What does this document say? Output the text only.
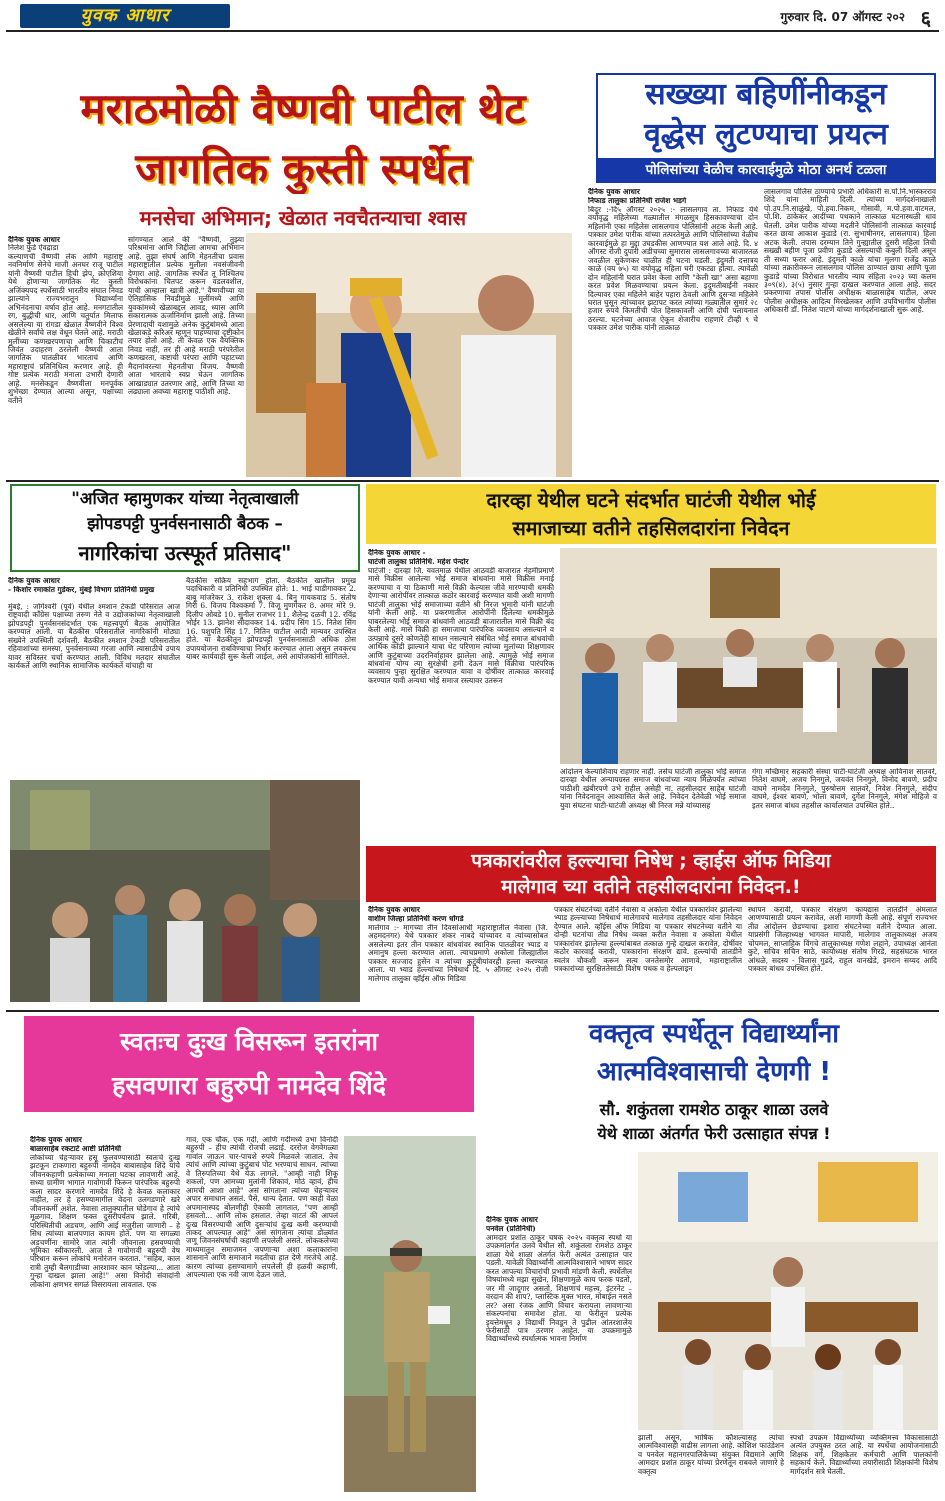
युवक आधार	गुरुवार दि. 07 ऑगस्ट २०२ ६
मराठमोळी वैष्णवी पाटील थेट
जागतिक कुस्ती स्पर्धेत
मनसेचा अभिमान; खेळात नवचैतन्याचा श्वास
दैनिक युवक आधार
निलेश फुंडे ऐवद्राडा
कल्याणची वैष्णवी लेक आणि महाराष्ट्र नवनिर्माण सेनेचे माजी अनघर राजू पाटील यांनी वैष्णवी पाटील हिची झेप, क्रोएशिया येथे होणाऱ्या जागतिक मेट कुस्ती अजिंक्यपद स्पर्धेसाठी भारतीय संघात निवड झाल्याने राज्यभरातून विद्यार्थ्यांना अभिनंदनाचा वर्षाव होत आहे. मनगटातील रग, बुद्धीची धार, आणि चतुर्यात मिलाफ असलेल्या या रांगडा खेळात वैष्णवीने विश्व खेळीने सर्वांचे लक्ष वेधून घेतले आहे. मराठी मुलींच्या कणखरपणाचा आणि चिकाटीचं जिवंत उदाहरण ठरलेली वैष्णवी आता जागतिक पातळीवर भारताचं आणि महाराष्ट्राचं प्रतिनिधित्व करणार आहे. ही गोष्ट प्रत्येक मराठी मनाला उभारी देणारी आहे. मनसेकडून वैष्णवीला मनपूर्वक शुभेच्छा देण्यात आल्या असून, पक्षाच्या वतीने
सांगण्यात आले की "वैष्णवी, तुझ्या परिश्रमांना आणि जिद्दीला आमचा अभिमान आहे. तुझा संघर्ष आणि मेहनतीचा प्रवास महाराष्ट्रातील प्रत्येक मुलीला नवसंजीवनी देणारा आहे. जागतिक स्पर्धेत तू निश्चितच विरोधकांना चितपट करून वडलवशील, याची आम्हाला खात्री आहे." वैष्णवीच्या या ऐतिहासिक निवडीमुळे मुलींमध्ये आणि युवकांमध्ये खेळाबद्दल आवड, ध्यास आणि सकारात्मक ऊर्जानिर्माण झाली आहे. तिच्या प्रेरणादायी यशामुळे अनेक कुटुंबांमध्ये आता खेळाकडे करिअर म्हणून पाहण्याचा दृष्टीकोन तयार होतो आहे. ती केवळ एक वैयक्तिक निवड नाही, तर ही आहे मराठी परंपरेतील कणखरता, कष्टाची परंपरा आणि पहाटच्या मैदानांवरल्या मेहनतीचा विजय. वैष्णवी आता भारताचे स्वप्न घेऊन जागतिक आखाड्यात उतरणार आहे, आणि तिच्या या लढ्याला अवघ्या महाराष्ट्र पाठीशी आहे.
सख्ख्या बहिणींनीकडून
वृद्धेस लुटण्याचा प्रयत्न
पोलिसांच्या वेळीच कारवाईमुळे मोठा अनर्थ टळला
दैनिक युवक आधार
निफाड तालुका प्रतिनिधी राजेश भडगे
बिंदूर :-दि५ ऑगस्ट २०२५ :- लासलगाव ता. निफाड येथे वयोवृद्ध महिलेच्या गळ्यातील मंगळसूत्र हिसकावण्याचा दोन महिलांनी एका महिलेस लासलगाव पोलिसांनी अटक केली आहे. पत्रकार उमेश पारीक यांच्या तत्परतेमुळे आणि पोलिसांच्या वेळीच कारवाईमुळे हा मुद्दा उघडकीस आणण्यात यश आले आहे. दि. ४ ऑगस्ट रोजी दुपारी अडीचच्या सुमारास लासलगावच्या बाजारतळ जवळील सुकेणकर चाळीत ही घटना घडली. इंदुमती दत्तात्रय काळे (वय ७५) या वयोवृद्ध महिला घरी एकट्या होत्या. त्यावेळी दोन महिलांनी घरात प्रवेश केला आणि "केली खा" असा बहाणा करत प्रवेश मिळवण्याचा प्रयत्न केला. इदुमतीबाईंनी नकार दिल्यावर एका महिलेने बाहेर पहारा ठेवली आणि दुसऱ्या महिलेने घरात घुसून त्यांच्यावर झटापट करत त्यांच्या गळ्यातील सुमारे २८ हजार रुपये किमतीची पोत हिसकावली आणि दोघी पलायनात ठरल्या. घटनेच्या आवाज ऐकून शेजारीच राहणारे टीव्ही ९ चे पत्रकार उमेश पारीक यांनी तात्काळ
लासलगाव पोलिस ठाण्याचे प्रभारी अधिकारी स.पो.नि.भास्करराव शिंदे यांना माहिती दिली. त्यांच्या मार्गदर्शनाखाली पो.उप.नि.साळुंखे, पो.हवा.निकम, गोसावी, म.पो.हवा.वाटमल, पो.शि. ठाकेकर आदींच्या पथकाने तात्काळ घटनास्थळी धाव घेतली. उमेश पारीक यांच्या मदतीने पोलिसांनी तात्काळ कारवाई करत छाया आकाश कुडाडे (रा. सुभाषीनगर, लासलगाव) हिला अटक केली. तपास दरम्यान तिने गुन्ह्यातील दुसरी महिला तिची सख्खी बहीण पूजा प्रवीण कुडाडे असल्याची कबुली दिली असून ती सध्या फरार आहे. इंदुमती काळे यांचा मुलगा राजेंद्र काळे यांच्या तक्रारीवरून लासलगाव पोलिस ठाण्यात छाया आणि पूजा कुडाडे यांच्या विरोधात भारतीय न्याय संहिता २०२३ च्या कलम ३०९(४), ३(५) नुसार गुन्हा दाखल करण्यात आला आहे. सदर प्रकरणाचा तपास पोलीस अधीक्षक बाळासाहेब पाटील, अपर पोलीस अधीक्षक आदित्य मिरखेलकर आणि उपविभागीय पोलीस अधिकारी डॉ. नितेश पाटणे यांच्या मार्गदर्शनाखाली सुरू आहे.
"अजित म्हामुणकर यांच्या नेतृत्वाखाली
झोपडपट्टी पुनर्वसनासाठी बैठक –
नागरिकांचा उत्स्फूर्त प्रतिसाद"
दैनिक युवक आधार
- किशोर रमाकांत गुडेकर, मुंबई विभाग प्रतिनिधी प्रमुख
मुंबई, : जोगेश्वरी (पूर्व) येथील श्मशान टेकडी परिसरात आज राष्ट्रवादी काँग्रेस पक्षाच्या तरुण नेते व उद्योजकांच्या नेतृत्वाखाली झोपडपट्टी पुनर्वसनसंदर्भात एक महत्त्वपूर्ण बैठक आयोजित करण्यात आली. या बैठकीस परिसरातील नागरिकांनी मोठ्या संख्येने उपस्थिती दर्शवली. बैठकीत श्मशान टेकडी परिसरातील रहिवाशांच्या समस्या, पुनर्वसनाच्या गरजा आणि त्यासाठीचे उपाय यावर सविस्तर चर्चा करण्यात आली. विविध मतदार संघातील कार्यकर्ते आणि स्थानिक सामाजिक कार्यकर्ते यांचाही या
बैठकीस सक्रिय सहभाग होता. बैठकीत खालील प्रमुख पदाधिकारी व प्रतिनिधी उपस्थित होते: 1. भाई घाडीगावकर 2. बाबू मांजरेकर 3. राकेश शुक्ला 4. बिनु गायकवाड 5. संतोष गिरी 6. विजय विश्वकर्मा 7. विजू मुणगेकर 8. अमर मोरे 9. दिलीप ओबडे 10. सुनील राजभर 11. शैलेन्द्र दळवी 12. रविंद्र भोईर 13. झानेश सीदावकर 14. प्रदीप सिंग 15. नितेश सिंग 16. पशुपति सिंह 17. नितिन पाटील आदी मान्यवर उपस्थित होते. या बैठकीतून झोपडपट्टी पुनर्वसनासाठी अधिक ठोस उपाययोजना राबविण्याचा निर्धार करण्यात आला असून लवकरच याबर कार्यवाही सुरू केली जाईल, असे आयोजकांनी सांगितले.
दारव्हा येथील घटने संदर्भात घाटंजी येथील भोई
समाजाच्या वतीने तहसिलदारांना निवेदन
दैनिक युवक आधार -
घाटंजी तालुका प्रतिनिधि. महेश पेन्दोर
घाटंजी : दारव्हा जि. यवतमाळ येथील आठवडी बाजारात नेहमीप्रमाणे मासे विक्रीस आलेल्या भोई समाज बांधवांना मासे विक्रीस मनाई करण्याचा व या ठिकाणी मासे विक्री केल्यास जीवे मारण्याची धमकी देणाऱ्या आरोपींवर तात्काळ कठोर कारवाई करण्यात यावी अशी मागणी घाटंजी तालुका भोई समाजाच्या वतीने श्री निरज भूमारी यांनी घाटंजी यांनी केली आहे. या प्रकरणातील आरोपींनी दिलेल्या धमकीमुळे घाबरलेल्या भोई समाज बांधवांनी आठवडी बाजारातील मासे विक्री बंद केली आहे. मासे विक्री हा समाजाचा पारंपरिक व्यवसाय असल्याने व उत्पन्नाचे दुसरे कोणतेही साधन नसल्याने संबंधित भोई समाज बांधवांची आर्थिक कोंडी झाल्याने याचा थेट परिणाम त्यांच्या मुलांच्या शिक्षणावर आणि कुटुंबाच्या उदरनिर्वाहावर झालेला आहे. त्यामुळे भोई समाज बांधवांना योग्य त्या सुरक्षेची हमी देऊन मासे विक्रीचा पारंपरिक व्यवसाय पुन्हा सुरक्षित करण्यात यावा व दोषींवर तात्काळ कारवाई करण्यात यावी अन्यथा भोई समाज रस्त्यावर उतरून
आंदोलन केल्याशिवाय राहणार नाही. तसेच घाटंजी तालुका भोई समाज दारव्हा येथील अन्यायग्रस्त समाज बांधवांच्या न्याय मिळेपर्यंत त्यांच्या पाठीशी खंबीरपणे उभे राहील असेही ना. तहसीलदार साहेब घाटंजी यांना निवेदनातून आश्वासित केले आहे. निवेदन देतेवेळी भोई समाज युवा संघटना घाटी-घाटंजी अध्यक्ष श्री निरज मन्ने यांच्यासह
गंगा मच्छिमार सहकारी संस्था घाटी-घाटंजी अध्यक्ष आविनाश सातवरे, नितेश वाघमे, अजय निनगुले, जयवंत निनगुले, विनोद बावणे, प्रदीप वाघमे नामदेव निनगुले, पुरुषोत्तम सातवरे, निवेश निनगुले, संदीप वाघमे, ईश्वर बावणे, भोला बावणे, दुर्गेश निनगुले, मंगेश मोहिजे व इतर समाज बांधव तहसील कार्यालयात उपस्थित होते..
पत्रकारांवरील हल्ल्याचा निषेध ; व्हाईस ऑफ मिडिया
मालेगाव च्या वतीने तहसीलदारांना निवेदन.!
दैनिक युवक आधार
वाशीम जिल्हा प्रतिनिधी करण धोंगडे
मालेगाव :- मागच्या तीन दिवसांआधी महाराष्ट्रातील नेवासा (जि. अहमदनगर) येथे पत्रकार शंकर नाबदे यांच्यावर व त्यांच्यासोबत असलेल्या इतर तीन पत्रकार बांधवांवर स्थानिक पातळीवर भ्याड व अमानुष हल्ला करण्यात आला. त्याचप्रमाणे अकोला जिल्ह्यातील पत्रकार सज्जाद हुसेन व त्यांच्या कुटुंबीयांवरही हल्ला करण्यात आला. या भ्याड हल्ल्यांच्या निषेधार्थ दि. ५ ऑगस्ट २०२५ रोजी मालेगाव तालुका व्हॉईस ऑफ मिडिया
पत्रकार संघटनेच्या वतीने नेवासा व अकोला येथील पत्रकारांवर झालेल्या भ्याड हल्ल्याच्या निषेधार्थ मालेगावचे मालेगाव तहसीलदार यांना निवेदन देण्यात आले. व्हॉईस ऑफ मिडिया या पत्रकार संघटनेच्या वतीने या दोन्ही घटनांचा तीव्र निषेध व्यक्त करीत नेवासा व अकोला येथील पत्रकारांवर झालेल्या हल्ल्यांबाबत तत्काळ गुन्हे दाखल करावेत, दोषींवर कठोर कारवाई करावी, पत्रकारांना संरक्षण द्यावे. हल्ल्यांची तातडीने स्वतंत्र चौकशी करून सत्य जनतेसमोर आणावे, महाराष्ट्रातील पत्रकारांच्या सुरक्षिततेसाठी विशेष पथक व हेल्पलाइन
स्थापन करावी, पत्रकार संरक्षण कायद्यास तातडीने अंमलात आणण्यासाठी प्रयत्न करावेत, अशी मागणी केली आहे. संपूर्ण राज्यभर तीव्र आंदोलन छेडण्याचा इशारा संघटनेच्या वतीने देण्यात आला. याप्रसंगी जिल्हाध्यक्ष भागवत मापारी, मालेगाव तालुकाध्यक्ष अजय चोपमल, साप्ताहिक विंगचे तालुकाध्यक्ष गणेश लहाने, उपाध्यक्ष आनंता कुटे, सचिव सचिन साठे, कार्याध्यक्ष संतोष गिरडे, सहसंघटक भारत आंधळे, सदस्य - विलास गुढदे, राहूल वानखेडे, इमरान सय्यद आदि पत्रकार बांधव उपस्थित होते.
स्वतःच दुःख विसरून इतरांना
हसवणारा बहुरुपी नामदेव शिंदे
दैनिक युवक आधार
बाळासाहेब रकटाटे आष्टी प्रतिनिधी
लोकांच्या चेहऱ्यावर हसू फुलवण्यासाठी स्वतःचे दुःख झटकून टाकणारा बहुरुपी नामदेव बाबासाहेब शिंदे यांचे जीवनकहाणी प्रत्येकाच्या मनाला घटका लावणारी आहे. सध्या ग्रामीण भागात गावोगावी फिरून पारंपरिक बहुरुपी कला सादर करणारे नामदेव शिंदे हे केवळ कलाकार नाहीत, तर हे हसण्यामागील वेदना उलगडणारे खरे जीवनकर्मी अशेत. नेवासा तालुक्यातील घोडेगाव हे त्यांचे मूळगाव. शिक्षण फक्त दुसरीपर्यंतच झाले. गरिबी, परिस्थितीची अडचण, आणि आई मजुरीला जाणारी – हे सिध त्यांच्या बालपणात कायम होते. पण या सगळ्या अडचणींना सामोरे जात त्यांनी जीवनाला हसवण्याची भूमिका स्वीकारली. आज ते गावोगावी बहुरुपी वेष परिधान करून लोकांचे मनोरंजन करतात. "साहेब, काल रात्री तुम्ही बैलगाडीच्या आरशावर कान फोडल्या... आता गुन्हा दाखल झाला आहे!" असा विनोदी संवादांनी लोकांना क्षणभर सगळं विसरायला लावतात. एक
गाव, एक चौक, एक गर्दी, आणि गर्दीमध्ये उभा विनोदी बहुरुपी – हीच त्यांची रोजची लढाई. दररोज वेगवेगळ्या गावांत जाऊन चार-पाचशे रुपये मिळवले जातात. तेच त्यांचं आणि त्यांच्या कुटुंबाचं पोट भरण्याचं साधन. त्यांच्या वे तिरुपतिच्या येथे येऊ लागले. "आम्ही नाही शिकू शकलो, पण आमच्या मुलांनी शिकावं, मोठं व्हावं, हीच आमची आशा आहे" असं सांगताना त्यांच्या चेहऱ्यावर अपार समाधान असतं. पैसे, धान्य देतात. पण काही वेळा अपमानास्पद बोलणीही ऐकावी लागतात, "पण आम्ही हसवतो... आणि लोक हसतात. तेव्हा वाटतं की आपलं दुःख विसरण्याची आणि दुसऱ्यांचं दुःख कमी करण्याची ताकद आपल्यात आहे" असं सांगताना त्यांचा डोळ्यांत जणू जिवनसंघर्षाची कहाणी लपलेली असते. लोककलेच्या माध्यमातून समाजमन जपणाऱ्या अशा कलाकारांना शासनाने आणि समाजाने मदतीचा हात देणे गरजेचे आहे. कारण त्यांच्या हसण्यामागे लपलेली ही हळवी कहाणी, आपल्याला एक नवी जाण देऊन जाते.
वक्तृत्व स्पर्धेतून विद्यार्थ्यांना
आत्मविश्वासाची देणगी !
सौ. शकुंतला रामशेठ ठाकूर शाळा उलवे
येथे शाळा अंतर्गत फेरी उत्साहात संपन्न !
दैनिक युवक आधार
पनवेल (प्रतिनिधी)
आमदार प्रशांत ठाकूर चषक २०२५ वक्तृत्व स्पर्धा या उपक्रमांतर्गत उलवे येथील सौ. शकुंतला रामशेठ ठाकूर शाळा येथे शाळा अंतर्गत फेरी अत्यंत उत्साहात पार पडली. यावेळी विद्यार्थ्यांनी आत्मविश्वासाने भाषण सादर करत आपल्या विचारांची प्रभावी मांडणी केली. स्पर्धेतील विषयांमध्ये मझा सुखेन, शिक्षणामुळे काय फरक पडतो, जर मी जादूगार असतो, शिक्षणाचं महत्त्व, इंटरनेट – वरदान की शाप?, प्लास्टिक मुक्त भारत, मोबाईल नसते तर? असा रंजक आणि विचार करायला लावणाऱ्या संकल्पनांचा समावेश होता. या फेरीतून प्रत्येक इयत्तेमधून ३ विद्यार्थी निवडून ते पुढील आंतरशालेय फेरीसाठी पात्र ठरणार आहेत. या उपक्रमामुळे विद्यार्थ्यांमध्ये स्पर्धात्मक भावना निर्माण
झाली असून, भाषिक कौशल्यासह त्यांचा आत्मविश्वासही वाढीस लागला आहे. कोशिश फाउंडेशन व पनवेल महानगरपालिकेच्या संयुक्त विद्यमाने आणि आमदार प्रशांत ठाकूर यांच्या प्रेरणेतून राबवले जाणारे हे वक्तृत्व
स्पर्धा उपक्रम विद्यार्थ्यांच्या व्यक्तिमत्त्व विकासासाठी अत्यंत उपयुक्त ठरत आहे. या स्पर्धेचा आयोजनासाठी शिक्षक वर्ग, शिक्षकेतर कर्मचारी आणि पालकांनी सहकार्य केले. विद्यार्थ्यांच्या तयारीसाठी शिक्षकांनी विशेष मार्गदर्शन सत्रे घेतली.
